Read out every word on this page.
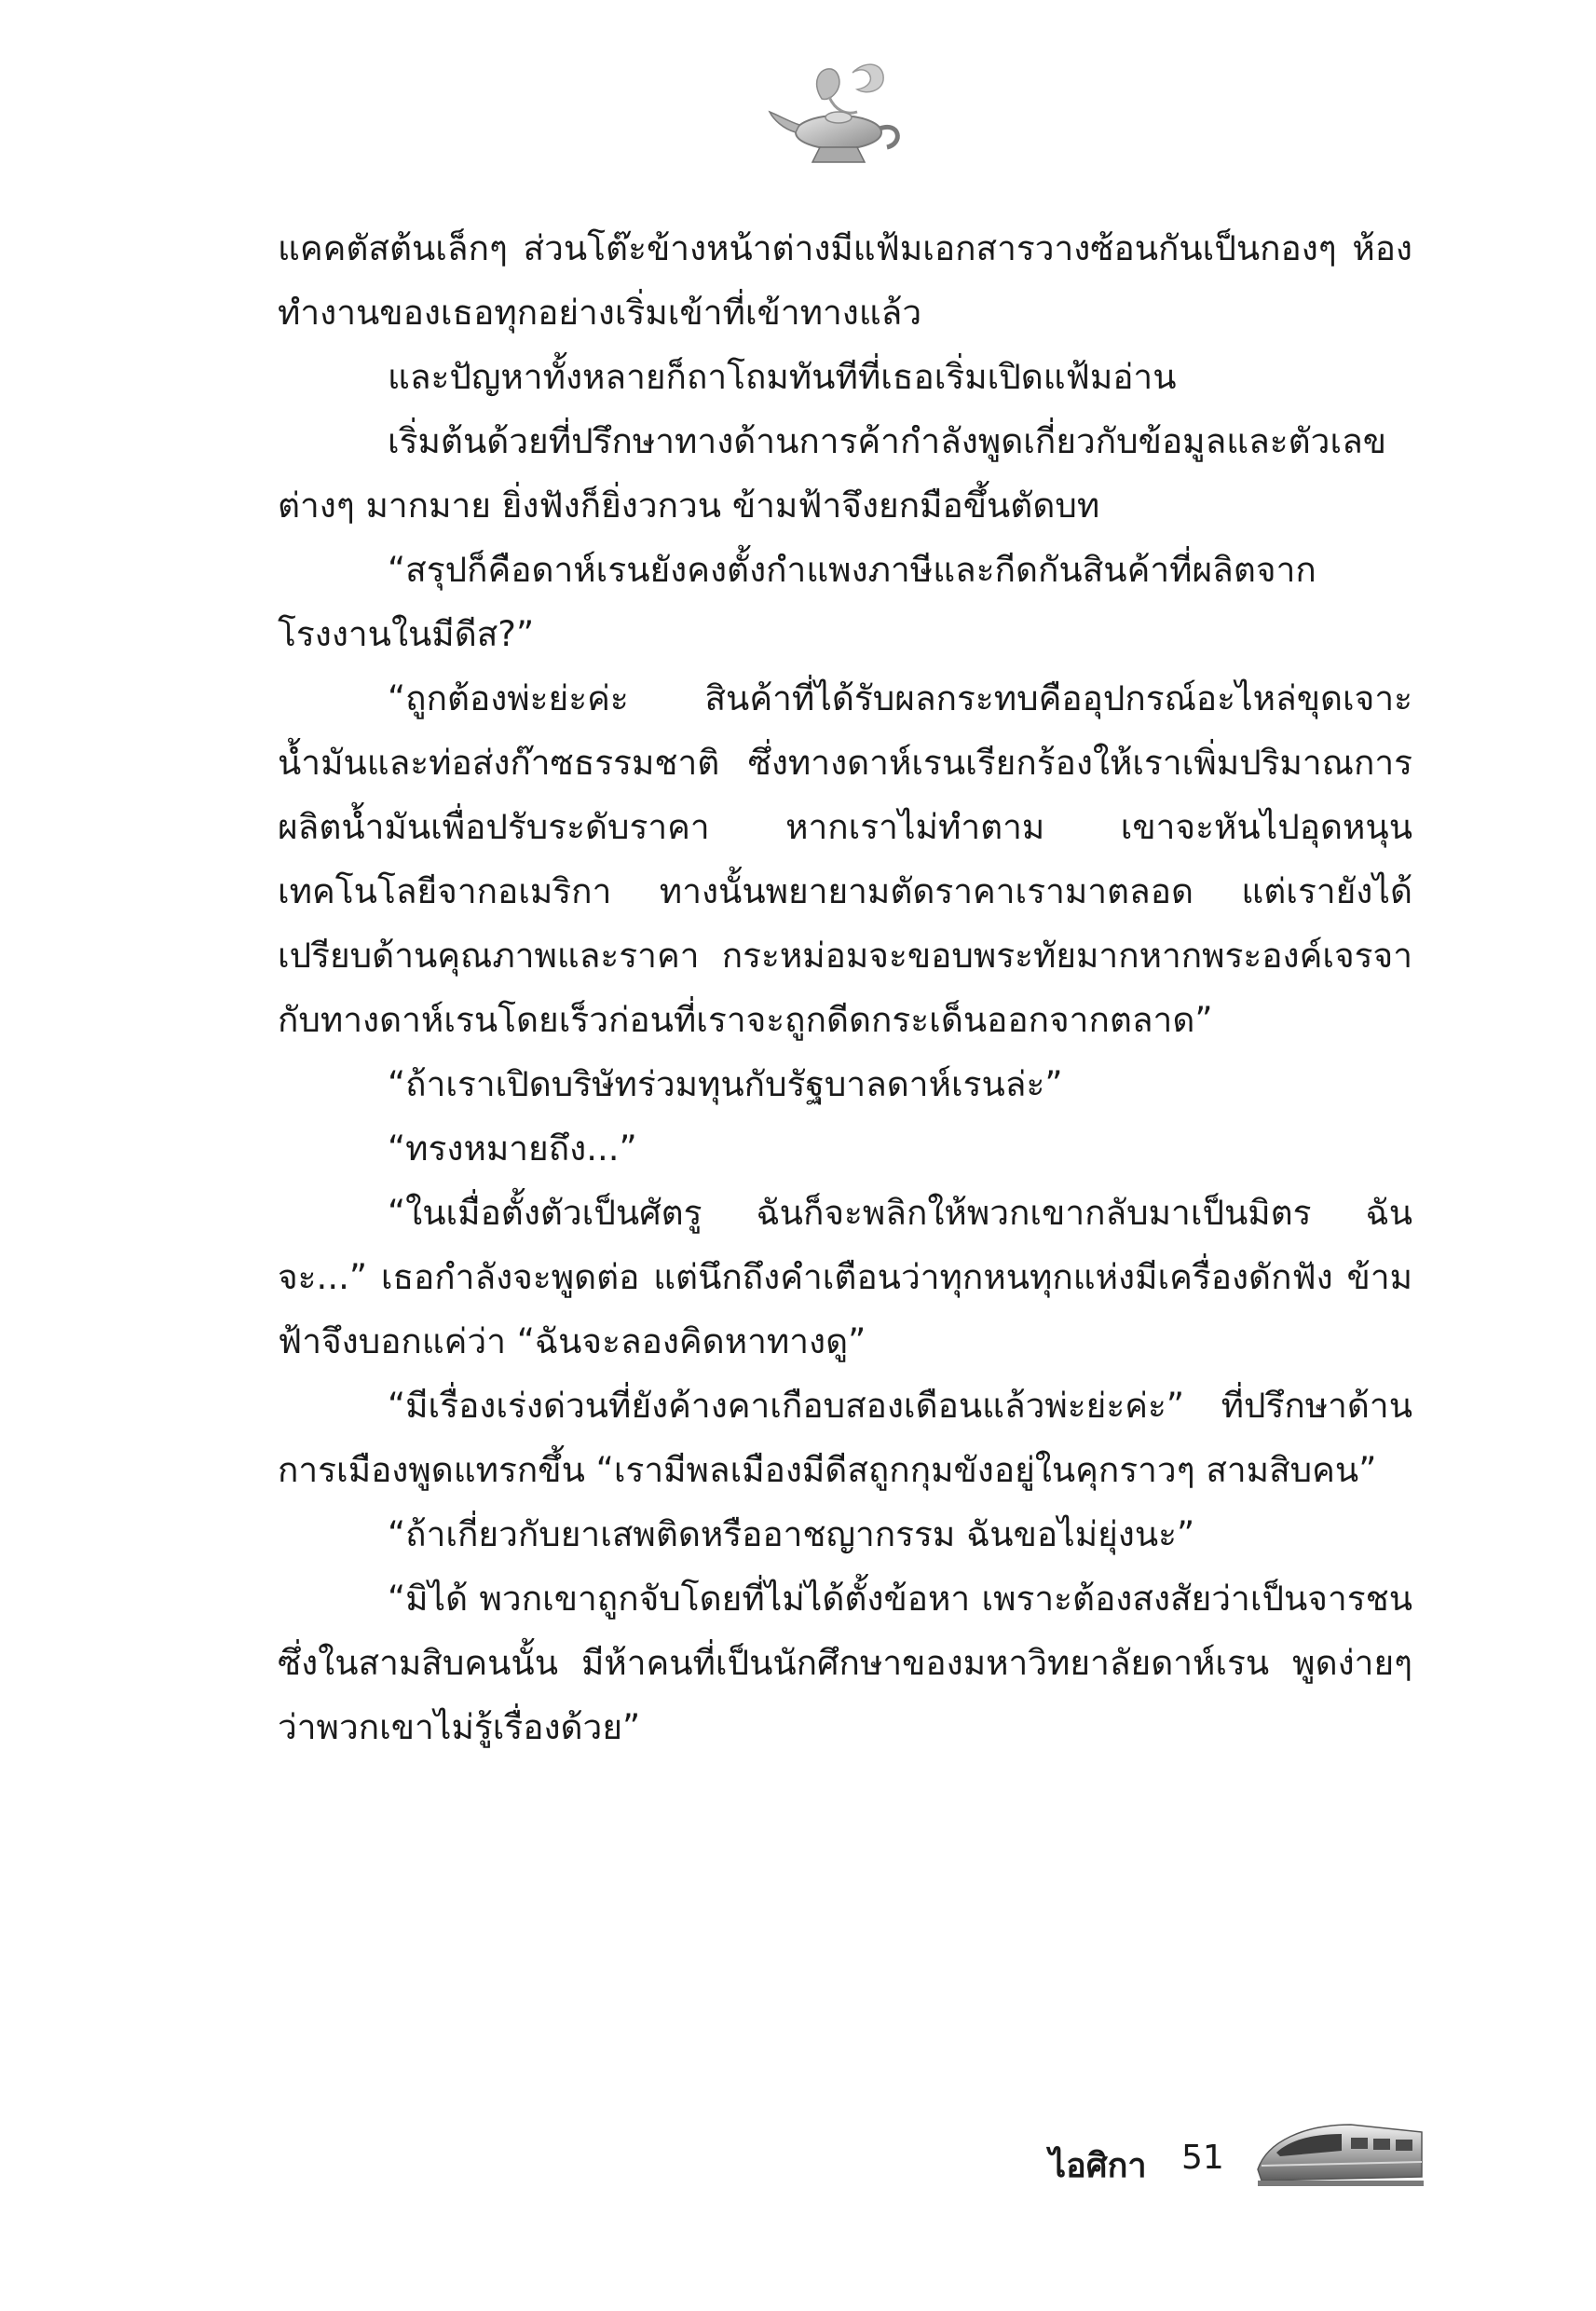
แคคตัสต้นเล็กๆ ส่วนโต๊ะข้างหน้าต่างมีแฟ้มเอกสารวางซ้อนกันเป็นกองๆ ห้องทำงานของเธอทุกอย่างเริ่มเข้าที่เข้าทางแล้ว

และปัญหาทั้งหลายก็ถาโถมทันทีที่เธอเริ่มเปิดแฟ้มอ่าน

เริ่มต้นด้วยที่ปรึกษาทางด้านการค้ากำลังพูดเกี่ยวกับข้อมูลและตัวเลขต่างๆ มากมาย ยิ่งฟังก็ยิ่งวกวน ข้ามฟ้าจึงยกมือขึ้นตัดบท

“สรุปก็คือดาห์เรนยังคงตั้งกำแพงภาษีและกีดกันสินค้าที่ผลิตจากโรงงานในมีดีส?”

“ถูกต้องพ่ะย่ะค่ะ สินค้าที่ได้รับผลกระทบคืออุปกรณ์อะไหล่ขุดเจาะน้ำมันและท่อส่งก๊าซธรรมชาติ ซึ่งทางดาห์เรนเรียกร้องให้เราเพิ่มปริมาณการผลิตน้ำมันเพื่อปรับระดับราคา หากเราไม่ทำตาม เขาจะหันไปอุดหนุนเทคโนโลยีจากอเมริกา ทางนั้นพยายามตัดราคาเรามาตลอด แต่เรายังได้เปรียบด้านคุณภาพและราคา กระหม่อมจะขอบพระทัยมากหากพระองค์เจรจากับทางดาห์เรนโดยเร็วก่อนที่เราจะถูกดีดกระเด็นออกจากตลาด”

“ถ้าเราเปิดบริษัทร่วมทุนกับรัฐบาลดาห์เรนล่ะ”

“ทรงหมายถึง...”

“ในเมื่อตั้งตัวเป็นศัตรู ฉันก็จะพลิกให้พวกเขากลับมาเป็นมิตร ฉันจะ...” เธอกำลังจะพูดต่อ แต่นึกถึงคำเตือนว่าทุกหนทุกแห่งมีเครื่องดักฟัง ข้ามฟ้าจึงบอกแค่ว่า “ฉันจะลองคิดหาทางดู”

“มีเรื่องเร่งด่วนที่ยังค้างคาเกือบสองเดือนแล้วพ่ะย่ะค่ะ” ที่ปรึกษาด้านการเมืองพูดแทรกขึ้น “เรามีพลเมืองมีดีสถูกกุมขังอยู่ในคุกราวๆ สามสิบคน”

“ถ้าเกี่ยวกับยาเสพติดหรืออาชญากรรม ฉันขอไม่ยุ่งนะ”

“มิได้ พวกเขาถูกจับโดยที่ไม่ได้ตั้งข้อหา เพราะต้องสงสัยว่าเป็นจารชน ซึ่งในสามสิบคนนั้น มีห้าคนที่เป็นนักศึกษาของมหาวิทยาลัยดาห์เรน พูดง่ายๆ ว่าพวกเขาไม่รู้เรื่องด้วย”

ไอศิกา 51
